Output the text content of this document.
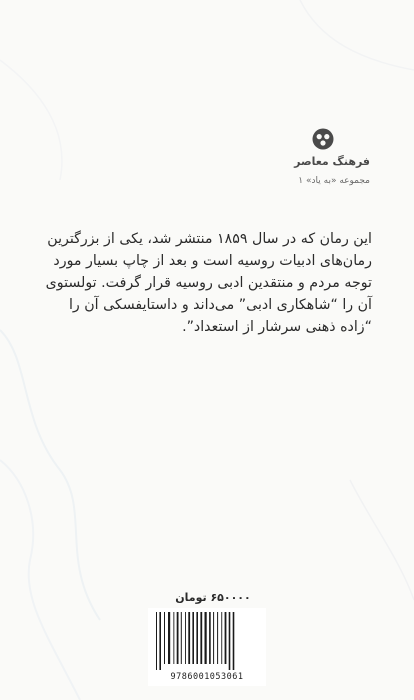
فرهنگ معاصر
مجموعه «به یاد» ۱
این رمان که در سال ۱۸۵۹ منتشر شد، یکی از بزرگترین
رمان‌های ادبیات روسیه است و بعد از چاپ بسیار مورد
توجه مردم و منتقدین ادبی روسیه قرار گرفت. تولستوی
آن را “شاهکاری ادبی” می‌داند و داستایفسکی آن را
“زاده ذهنی سرشار از استعداد”.
۶۵۰۰۰۰ تومان
9786001053061
